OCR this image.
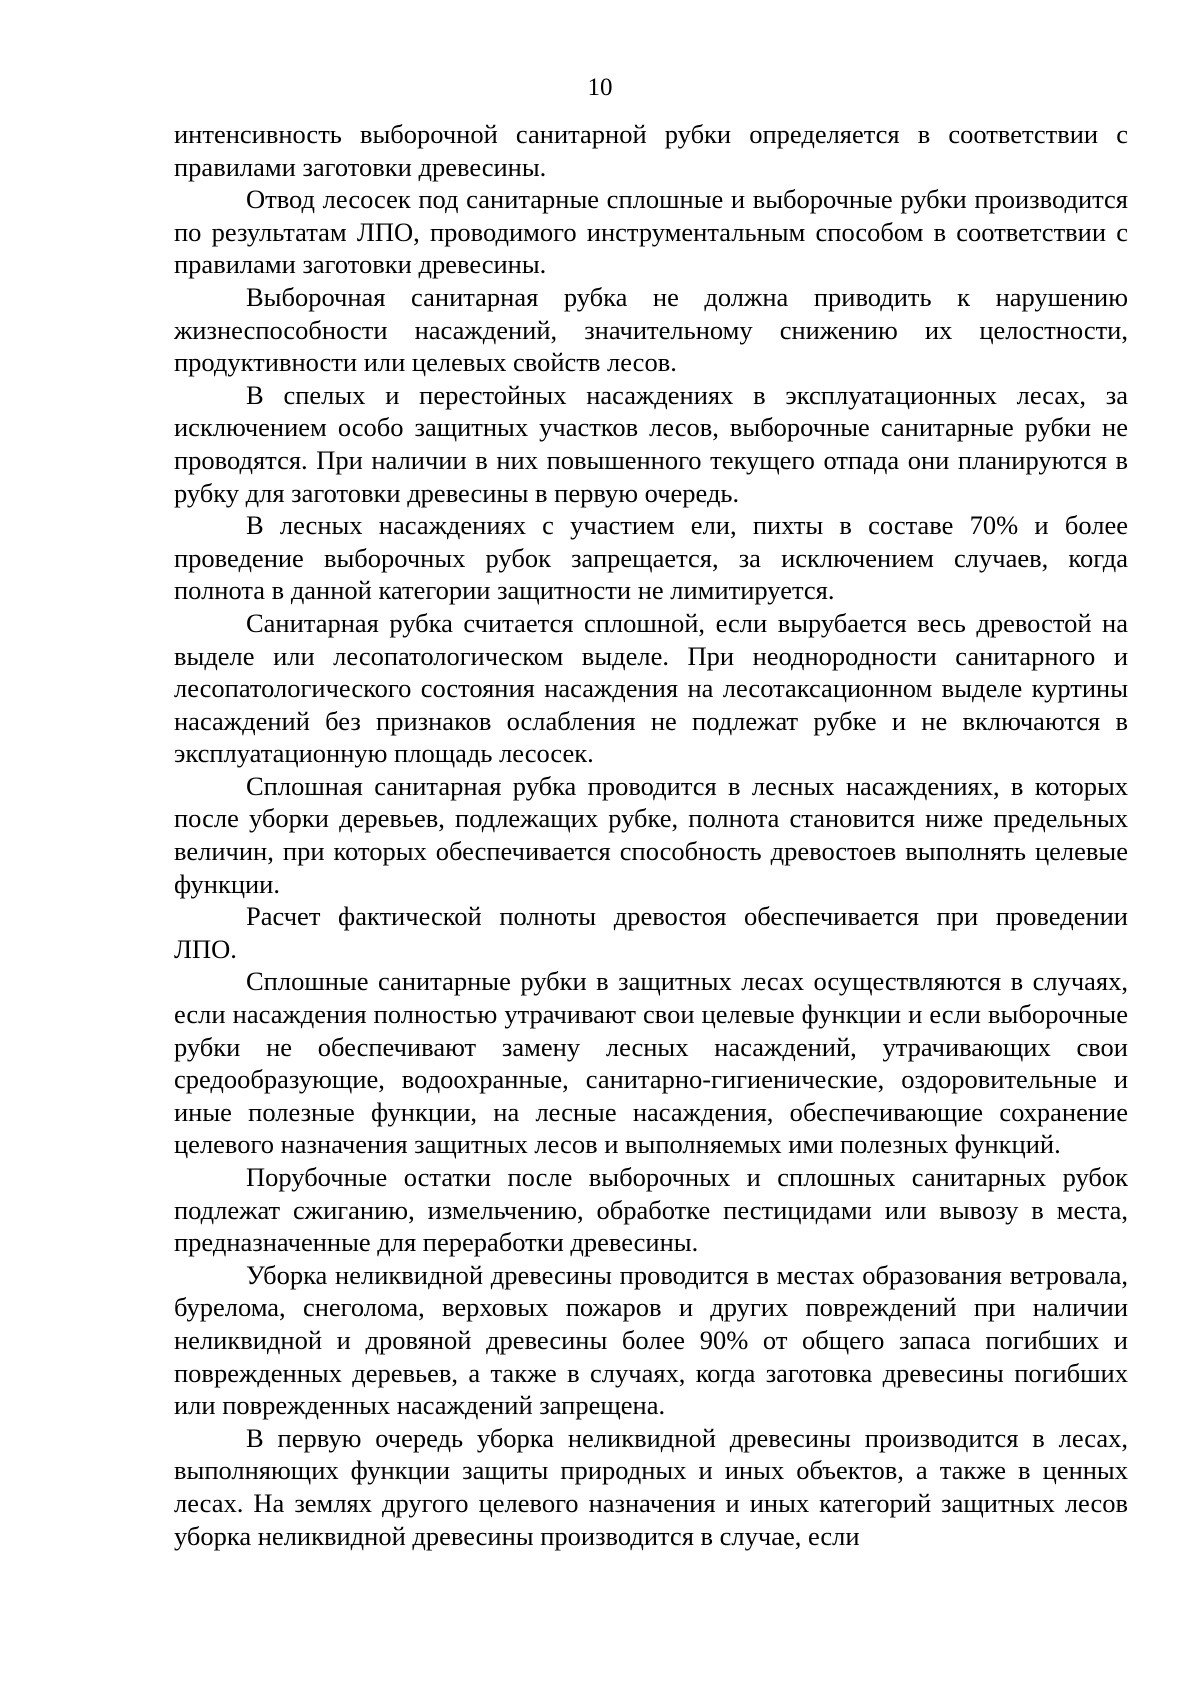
10

интенсивность выборочной санитарной рубки определяется в соответствии с правилами заготовки древесины.

Отвод лесосек под санитарные сплошные и выборочные рубки производится по результатам ЛПО, проводимого инструментальным способом в соответствии с правилами заготовки древесины.

Выборочная санитарная рубка не должна приводить к нарушению жизнеспособности насаждений, значительному снижению их целостности, продуктивности или целевых свойств лесов.

В спелых и перестойных насаждениях в эксплуатационных лесах, за исключением особо защитных участков лесов, выборочные санитарные рубки не проводятся. При наличии в них повышенного текущего отпада они планируются в рубку для заготовки древесины в первую очередь.

В лесных насаждениях с участием ели, пихты в составе 70% и более проведение выборочных рубок запрещается, за исключением случаев, когда полнота в данной категории защитности не лимитируется.

Санитарная рубка считается сплошной, если вырубается весь древостой на выделе или лесопатологическом выделе. При неоднородности санитарного и лесопатологического состояния насаждения на лесотаксационном выделе куртины насаждений без признаков ослабления не подлежат рубке и не включаются в эксплуатационную площадь лесосек.

Сплошная санитарная рубка проводится в лесных насаждениях, в которых после уборки деревьев, подлежащих рубке, полнота становится ниже предельных величин, при которых обеспечивается способность древостоев выполнять целевые функции.

Расчет фактической полноты древостоя обеспечивается при проведении ЛПО.

Сплошные санитарные рубки в защитных лесах осуществляются в случаях, если насаждения полностью утрачивают свои целевые функции и если выборочные рубки не обеспечивают замену лесных насаждений, утрачивающих свои средообразующие, водоохранные, санитарно-гигиенические, оздоровительные и иные полезные функции, на лесные насаждения, обеспечивающие сохранение целевого назначения защитных лесов и выполняемых ими полезных функций.

Порубочные остатки после выборочных и сплошных санитарных рубок подлежат сжиганию, измельчению, обработке пестицидами или вывозу в места, предназначенные для переработки древесины.

Уборка неликвидной древесины проводится в местах образования ветровала, бурелома, снеголома, верховых пожаров и других повреждений при наличии неликвидной и дровяной древесины более 90% от общего запаса погибших и поврежденных деревьев, а также в случаях, когда заготовка древесины погибших или поврежденных насаждений запрещена.

В первую очередь уборка неликвидной древесины производится в лесах, выполняющих функции защиты природных и иных объектов, а также в ценных лесах. На землях другого целевого назначения и иных категорий защитных лесов уборка неликвидной древесины производится в случае, если
